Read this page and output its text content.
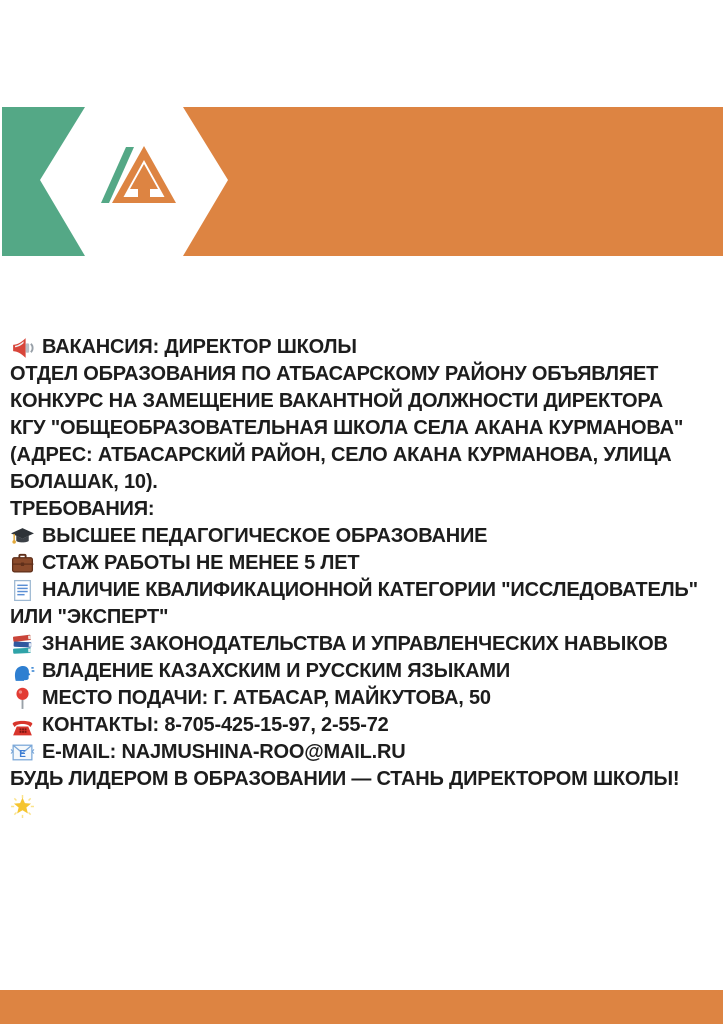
ВАКАНСИЯ: ДИРЕКТОР ШКОЛЫ
ОТДЕЛ ОБРАЗОВАНИЯ ПО АТБАСАРСКОМУ РАЙОНУ ОБЪЯВЛЯЕТ
КОНКУРС НА ЗАМЕЩЕНИЕ ВАКАНТНОЙ ДОЛЖНОСТИ ДИРЕКТОРА
КГУ "ОБЩЕОБРАЗОВАТЕЛЬНАЯ ШКОЛА СЕЛА АКАНА КУРМАНОВА"
(АДРЕС: АТБАСАРСКИЙ РАЙОН, СЕЛО АКАНА КУРМАНОВА, УЛИЦА
БОЛАШАК, 10).
ТРЕБОВАНИЯ:
ВЫСШЕЕ ПЕДАГОГИЧЕСКОЕ ОБРАЗОВАНИЕ
СТАЖ РАБОТЫ НЕ МЕНЕЕ 5 ЛЕТ
НАЛИЧИЕ КВАЛИФИКАЦИОННОЙ КАТЕГОРИИ "ИССЛЕДОВАТЕЛЬ"
ИЛИ "ЭКСПЕРТ"
ЗНАНИЕ ЗАКОНОДАТЕЛЬСТВА И УПРАВЛЕНЧЕСКИХ НАВЫКОВ
ВЛАДЕНИЕ КАЗАХСКИМ И РУССКИМ ЯЗЫКАМИ
МЕСТО ПОДАЧИ: Г. АТБАСАР, МАЙКУТОВА, 50
КОНТАКТЫ: 8-705-425-15-97, 2-55-72
E E-MAIL: NAJMUSHINA-ROO@MAIL.RU
БУДЬ ЛИДЕРОМ В ОБРАЗОВАНИИ — СТАНЬ ДИРЕКТОРОМ ШКОЛЫ!
